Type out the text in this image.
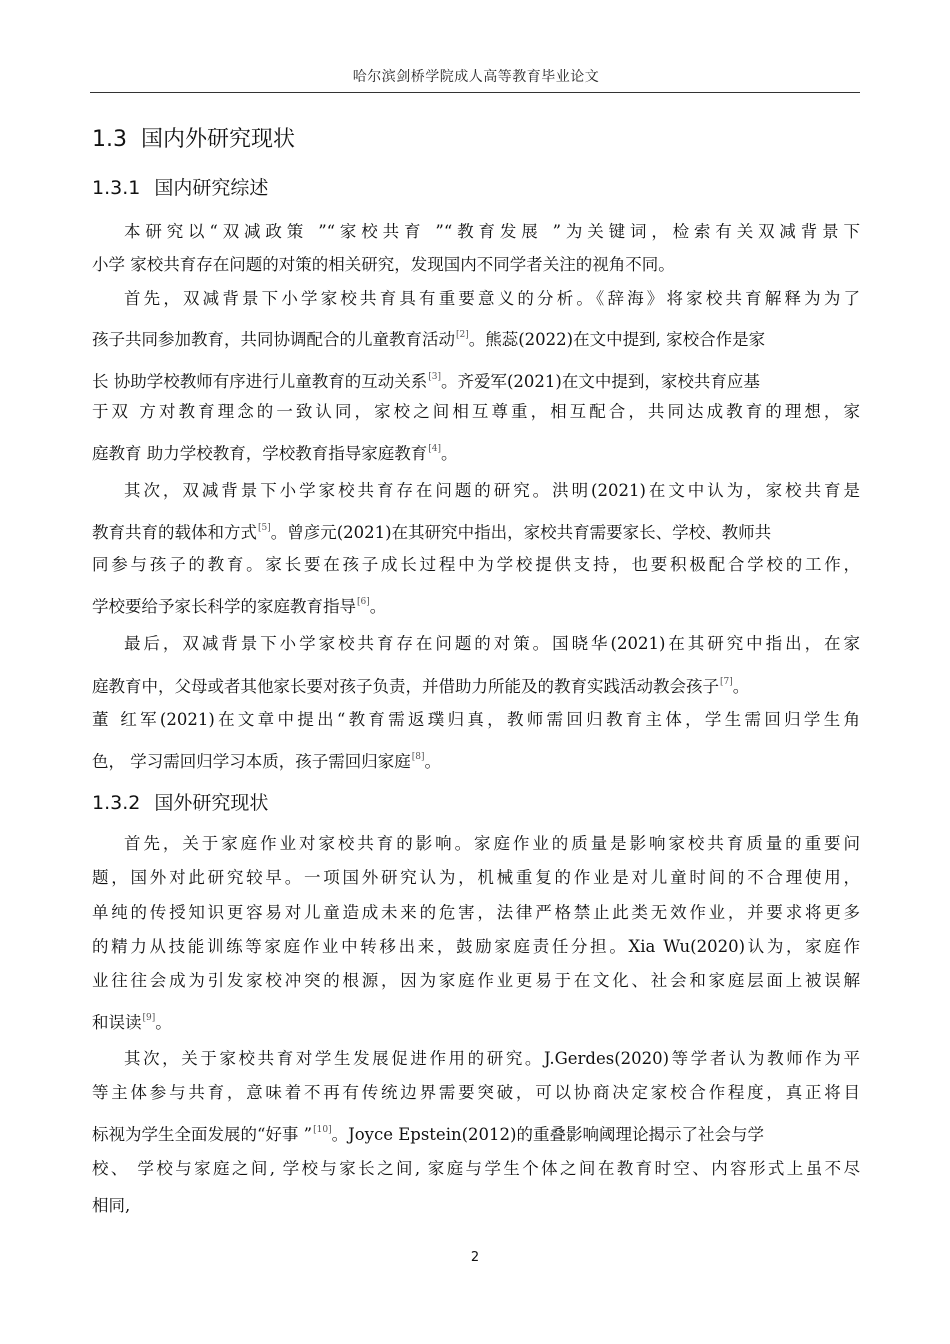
哈尔滨剑桥学院成人高等教育毕业论文
1.3 国内外研究现状
1.3.1 国内研究综述
本研究以“双减政策 ”“家校共育 ”“教育发展 ”为关键词，检索有关双减背景下
小学 家校共育存在问题的对策的相关研究，发现国内不同学者关注的视角不同。
首先，双减背景下小学家校共育具有重要意义的分析。《辞海》将家校共育解释为为了
孩子共同参加教育，共同协调配合的儿童教育活动[2]。熊蕊(2022)在文中提到, 家校合作是家
长 协助学校教师有序进行儿童教育的互动关系[3]。齐爱军(2021)在文中提到，家校共育应基
于双 方对教育理念的一致认同，家校之间相互尊重，相互配合，共同达成教育的理想，家
庭教育 助力学校教育，学校教育指导家庭教育[4]。
其次，双减背景下小学家校共育存在问题的研究。洪明(2021)在文中认为，家校共育是
教育共育的载体和方式[5]。曾彦元(2021)在其研究中指出，家校共育需要家长、学校、教师共
同参与孩子的教育。家长要在孩子成长过程中为学校提供支持，也要积极配合学校的工作，
学校要给予家长科学的家庭教育指导[6]。
最后，双减背景下小学家校共育存在问题的对策。国晓华(2021)在其研究中指出，在家
庭教育中，父母或者其他家长要对孩子负责，并借助力所能及的教育实践活动教会孩子[7]。
董 红军(2021)在文章中提出“教育需返璞归真，教师需回归教育主体，学生需回归学生角
色， 学习需回归学习本质，孩子需回归家庭[8]。
1.3.2 国外研究现状
首先，关于家庭作业对家校共育的影响。家庭作业的质量是影响家校共育质量的重要问
题，国外对此研究较早。一项国外研究认为，机械重复的作业是对儿童时间的不合理使用，
单纯的传授知识更容易对儿童造成未来的危害，法律严格禁止此类无效作业，并要求将更多
的精力从技能训练等家庭作业中转移出来，鼓励家庭责任分担。Xia Wu(2020)认为，家庭作
业往往会成为引发家校冲突的根源，因为家庭作业更易于在文化、社会和家庭层面上被误解
和误读[9]。
其次，关于家校共育对学生发展促进作用的研究。J.Gerdes(2020)等学者认为教师作为平
等主体参与共育，意味着不再有传统边界需要突破，可以协商决定家校合作程度，真正将目
标视为学生全面发展的“好事 ”[10]。Joyce Epstein(2012)的重叠影响阈理论揭示了社会与学
校、 学校与家庭之间, 学校与家长之间, 家庭与学生个体之间在教育时空、内容形式上虽不尽
相同,
2
